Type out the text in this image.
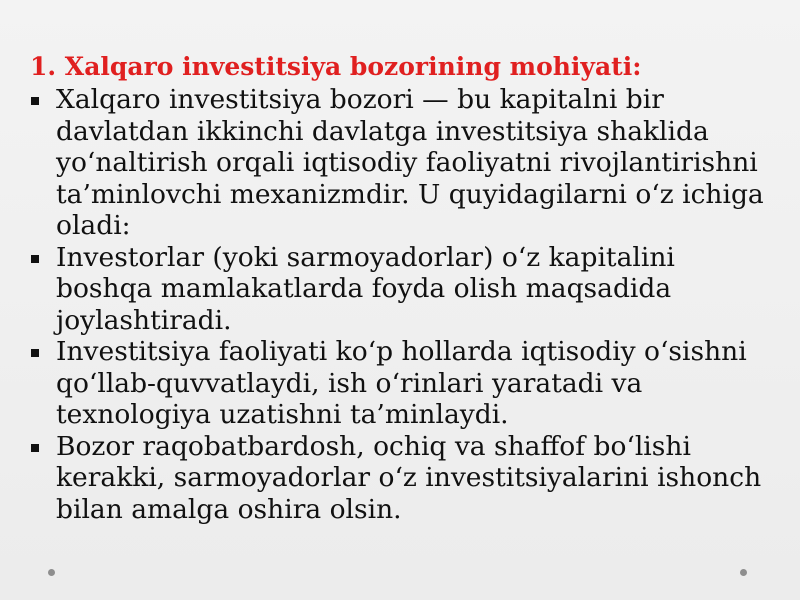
1. Xalqaro investitsiya bozorining mohiyati:
Xalqaro investitsiya bozori — bu kapitalni bir davlatdan ikkinchi davlatga investitsiya shaklida yo‘naltirish orqali iqtisodiy faoliyatni rivojlantirishni ta’minlovchi mexanizmdir. U quyidagilarni o‘z ichiga oladi:
Investorlar (yoki sarmoyadorlar) o‘z kapitalini boshqa mamlakatlarda foyda olish maqsadida joylashtiradi.
Investitsiya faoliyati ko‘p hollarda iqtisodiy o‘sishni qo‘llab-quvvatlaydi, ish o‘rinlari yaratadi va texnologiya uzatishni ta’minlaydi.
Bozor raqobatbardosh, ochiq va shaffof bo‘lishi kerakki, sarmoyadorlar o‘z investitsiyalarini ishonch bilan amalga oshira olsin.
